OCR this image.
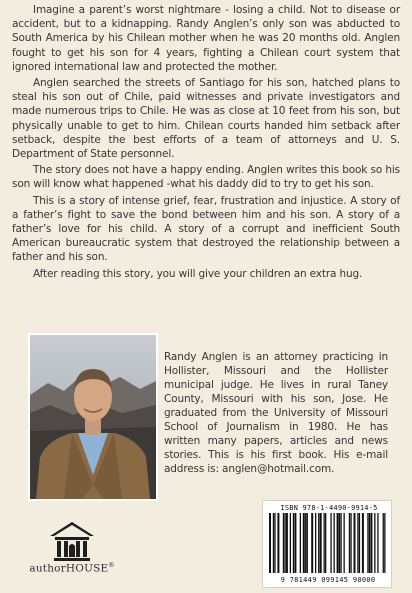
Imagine a parent’s worst nightmare - losing a child. Not to disease or accident, but to a kidnapping. Randy Anglen’s only son was abducted to South America by his Chilean mother when he was 20 months old. Anglen fought to get his son for 4 years, fighting a Chilean court system that ignored international law and protected the mother.

Anglen searched the streets of Santiago for his son, hatched plans to steal his son out of Chile, paid witnesses and private investigators and made numerous trips to Chile. He was as close at 10 feet from his son, but physically unable to get to him. Chilean courts handed him setback after setback, despite the best efforts of a team of attorneys and U. S. Department of State personnel.

The story does not have a happy ending. Anglen writes this book so his son will know what happened -what his daddy did to try to get his son.

This is a story of intense grief, fear, frustration and injustice. A story of a father’s fight to save the bond between him and his son. A story of a father’s love for his child. A story of a corrupt and inefficient South American bureaucratic system that destroyed the relationship between a father and his son.

After reading this story, you will give your children an extra hug.

Randy Anglen is an attorney practicing in Hollister, Missouri and the Hollister municipal judge. He lives in rural Taney County, Missouri with his son, Jose. He graduated from the University of Missouri School of Journalism in 1980. He has written many papers, articles and news stories. This is his first book. His e-mail address is: anglen@hotmail.com.
authorHOUSE®
ISBN 978-1-4490-9914-5
9 781449 099145 90000
